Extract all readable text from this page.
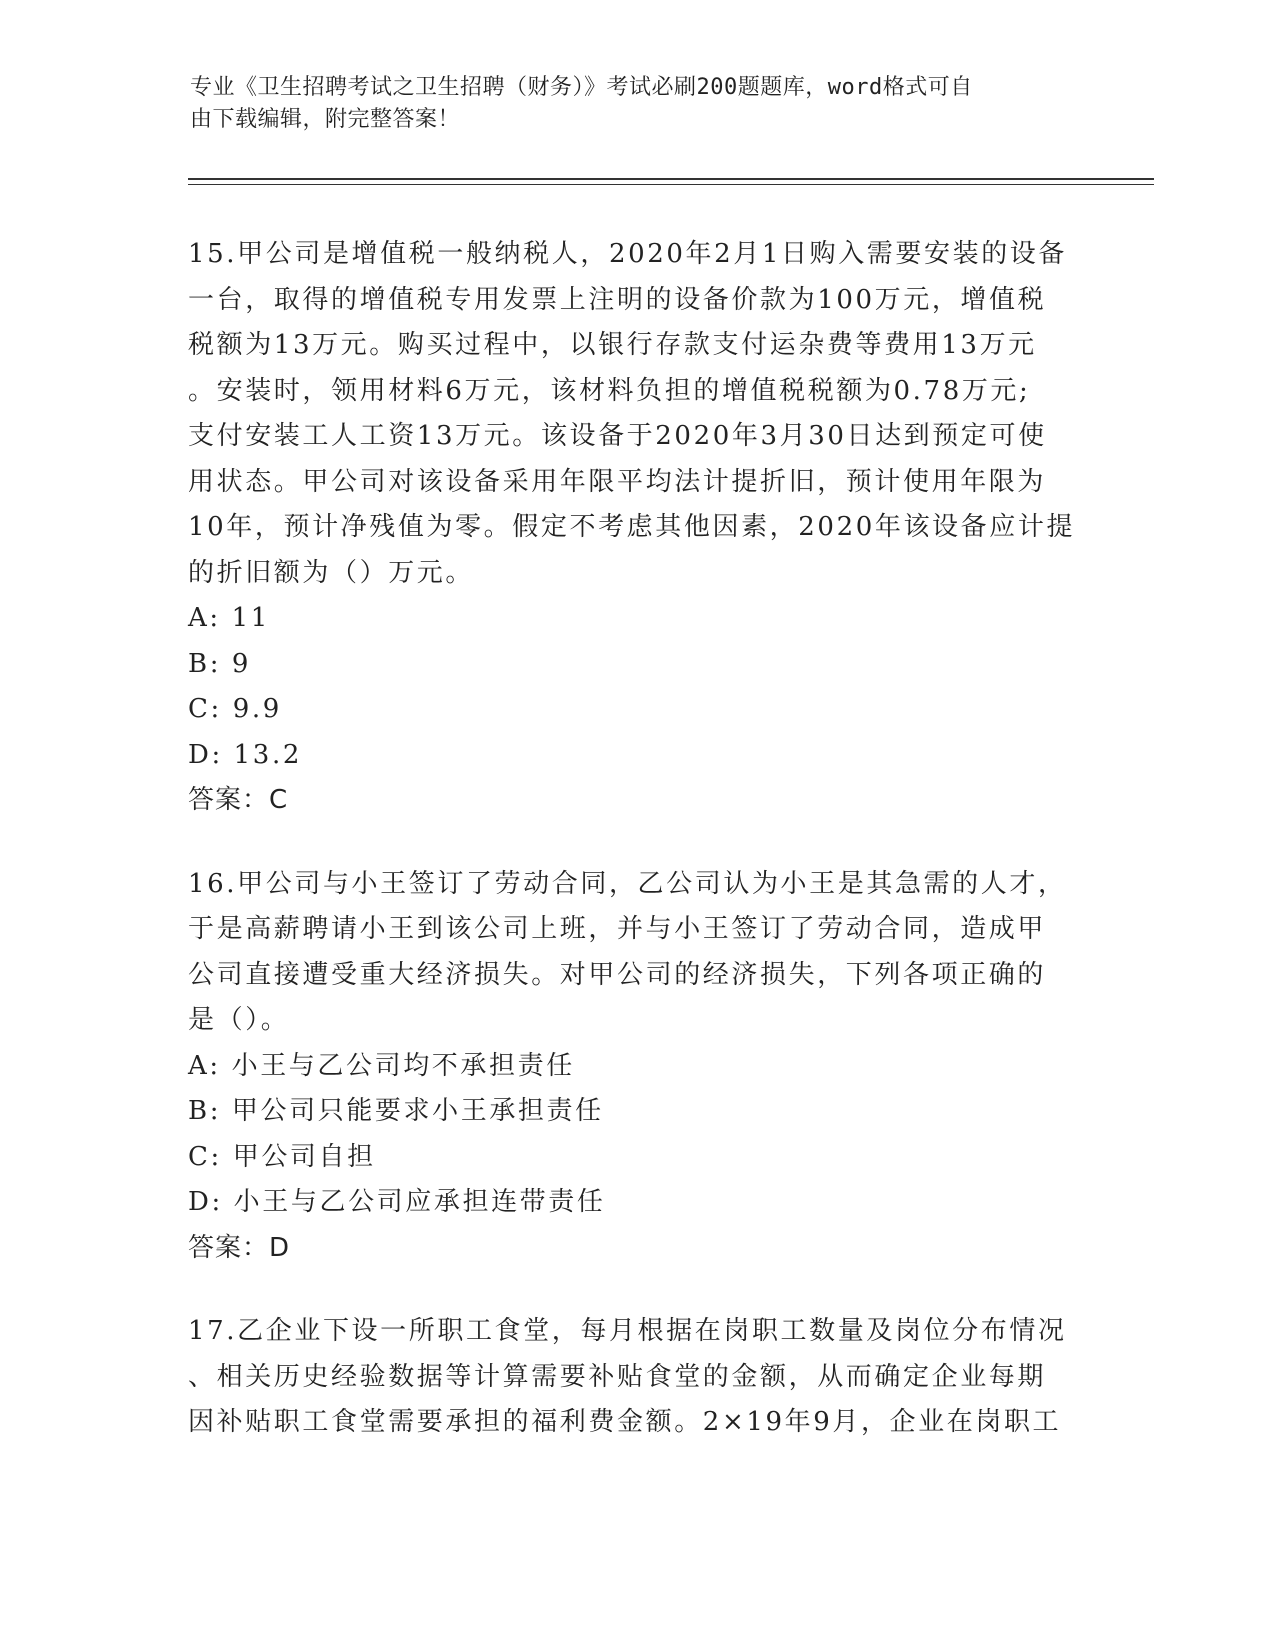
专业《卫生招聘考试之卫生招聘（财务）》考试必刷200题题库，word格式可自
由下载编辑，附完整答案！

15.甲公司是增值税一般纳税人，2020年2月1日购入需要安装的设备

一台，取得的增值税专用发票上注明的设备价款为100万元，增值税

税额为13万元。购买过程中，以银行存款支付运杂费等费用13万元

。安装时，领用材料6万元，该材料负担的增值税税额为0.78万元;

支付安装工人工资13万元。该设备于2020年3月30日达到预定可使

用状态。甲公司对该设备采用年限平均法计提折旧，预计使用年限为

10年，预计净残值为零。假定不考虑其他因素，2020年该设备应计提

的折旧额为（）万元。

A: 11

B: 9

C: 9.9

D: 13.2

答案：C

16.甲公司与小王签订了劳动合同，乙公司认为小王是其急需的人才，

于是高薪聘请小王到该公司上班，并与小王签订了劳动合同，造成甲

公司直接遭受重大经济损失。对甲公司的经济损失，下列各项正确的

是（）。

A: 小王与乙公司均不承担责任

B: 甲公司只能要求小王承担责任

C: 甲公司自担

D: 小王与乙公司应承担连带责任

答案：D

17.乙企业下设一所职工食堂，每月根据在岗职工数量及岗位分布情况

、相关历史经验数据等计算需要补贴食堂的金额，从而确定企业每期

因补贴职工食堂需要承担的福利费金额。2×19年9月，企业在岗职工
